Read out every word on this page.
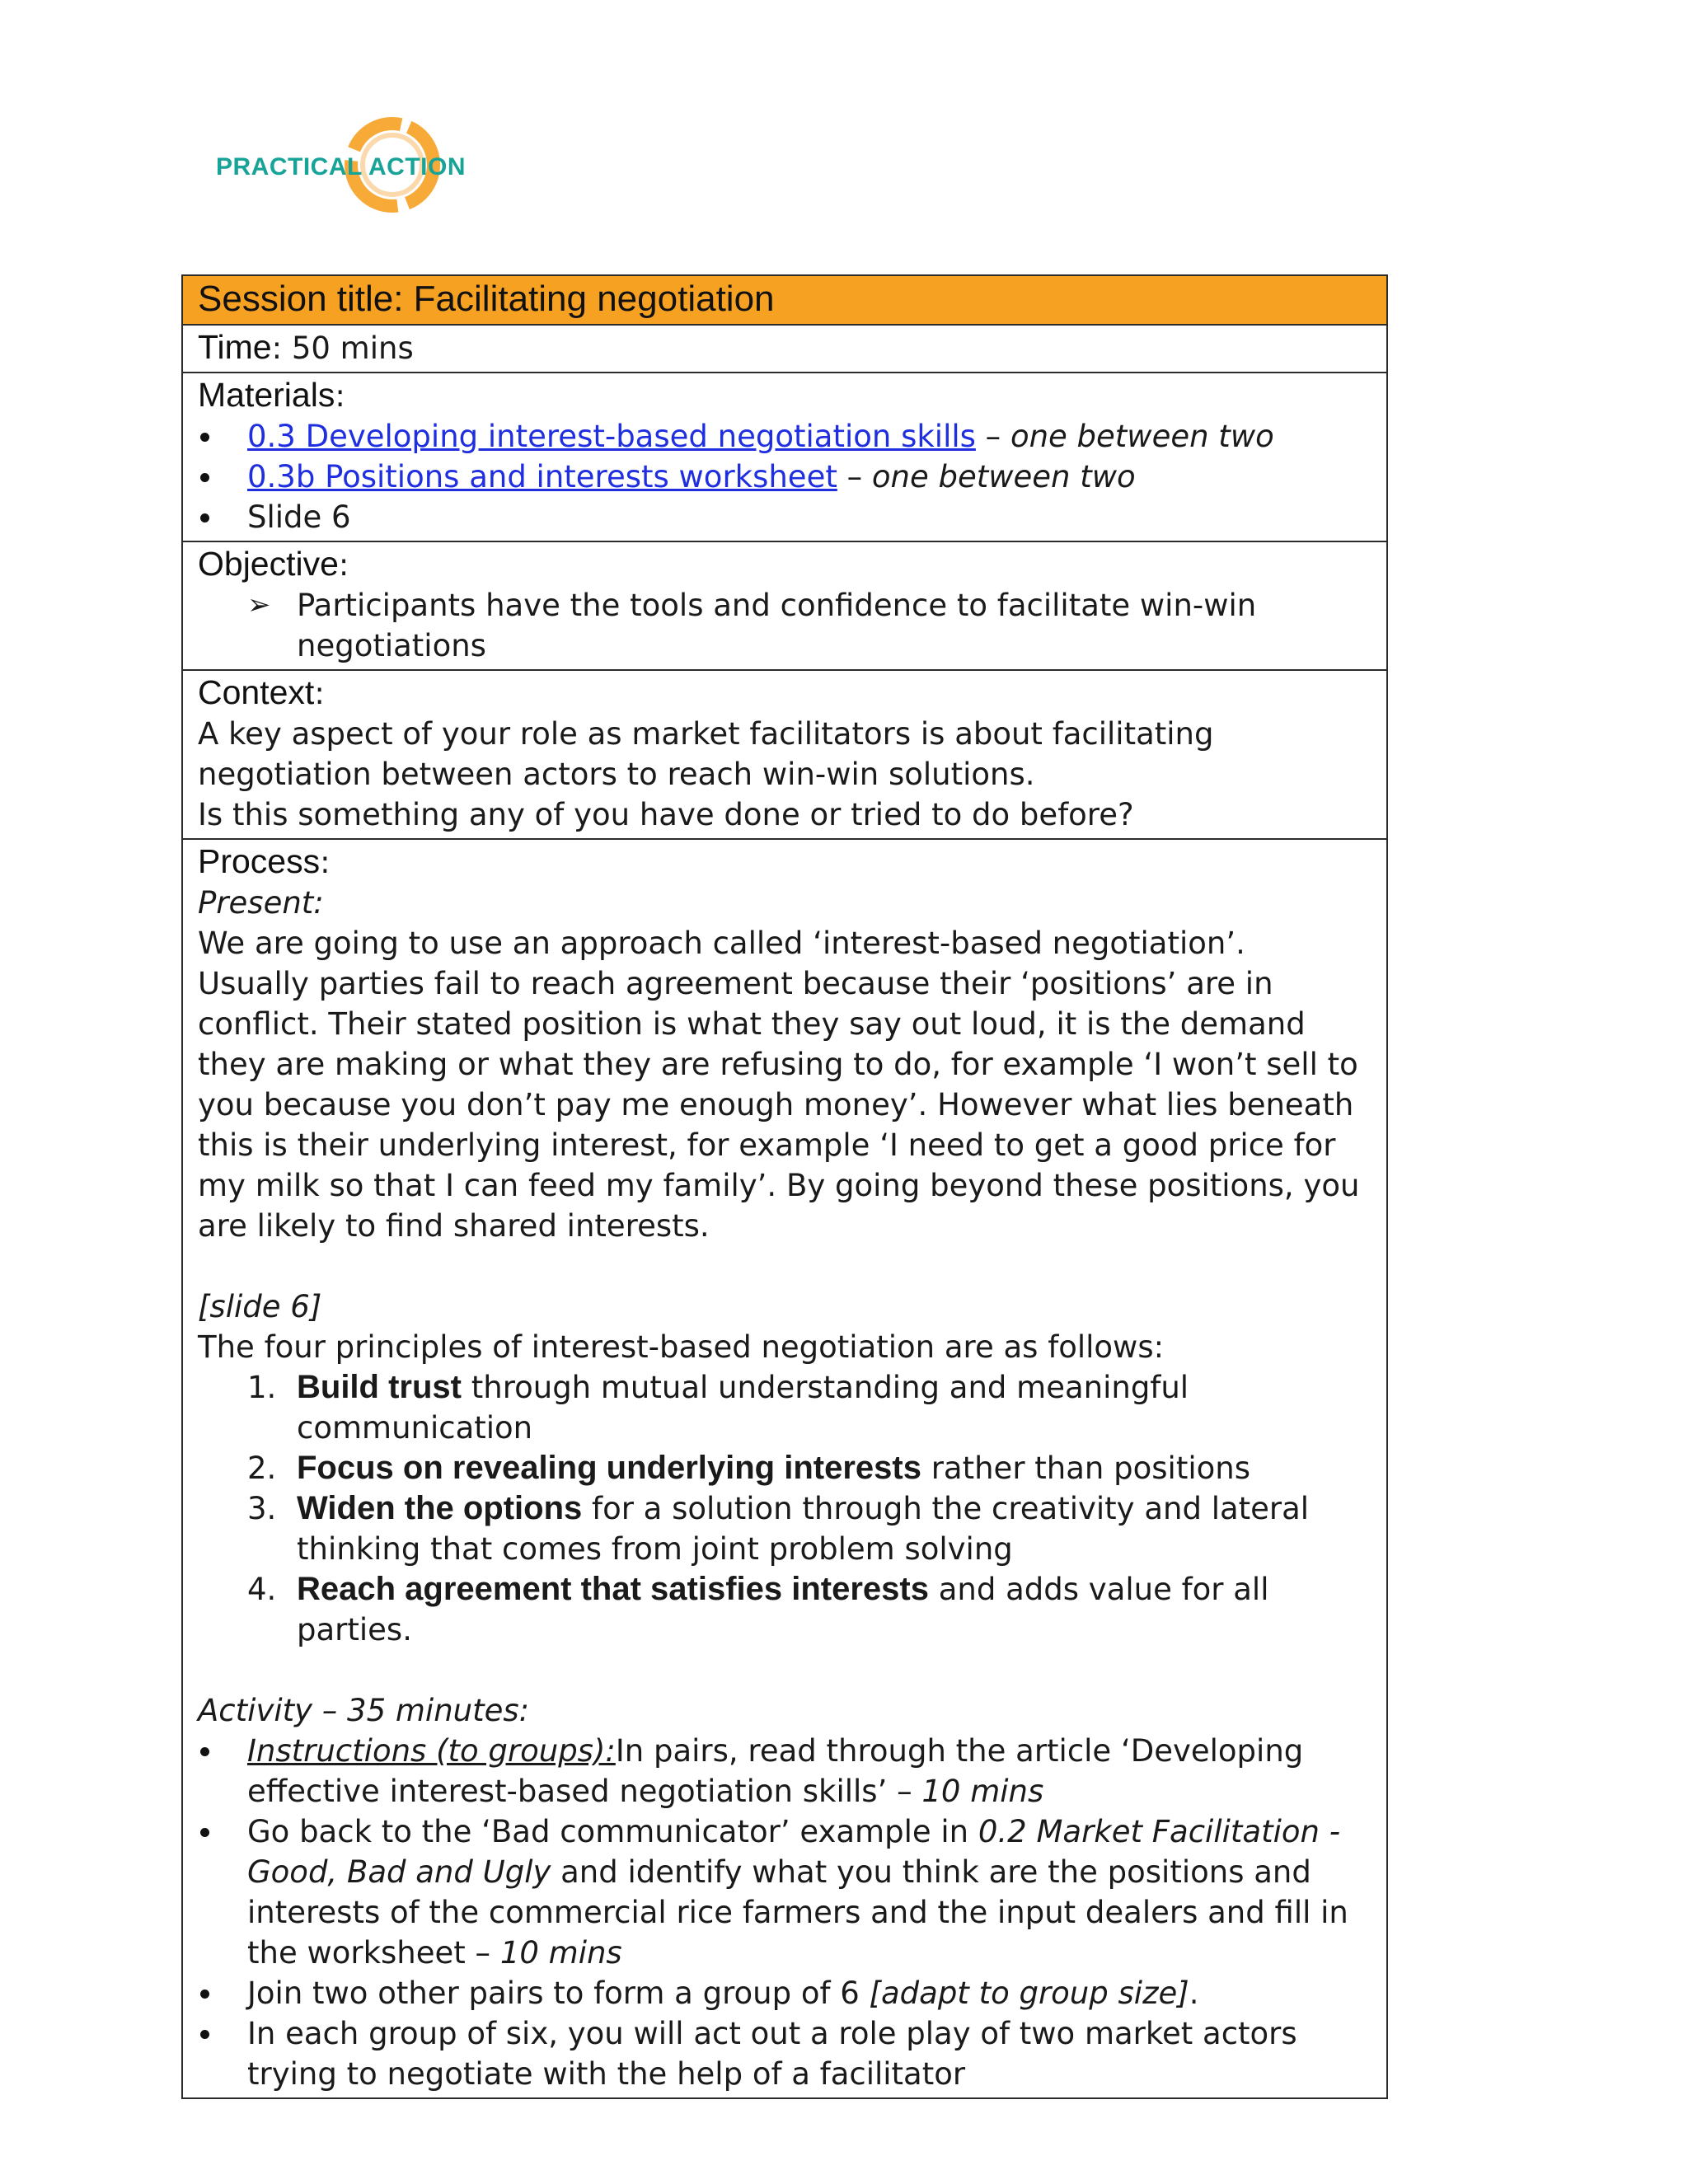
PRACTICAL ACTION
Session title: Facilitating negotiation
Time: 50 mins

Materials:
0.3 Developing interest-based negotiation skills – one between two
0.3b Positions and interests worksheet – one between two
Slide 6

Objective:
➢ Participants have the tools and confidence to facilitate win-win negotiations

Context:
A key aspect of your role as market facilitators is about facilitating negotiation between actors to reach win-win solutions.
Is this something any of you have done or tried to do before?

Process:
Present:
We are going to use an approach called ‘interest-based negotiation’.
Usually parties fail to reach agreement because their ‘positions’ are in conflict. Their stated position is what they say out loud, it is the demand they are making or what they are refusing to do, for example ‘I won’t sell to you because you don’t pay me enough money’. However what lies beneath this is their underlying interest, for example ‘I need to get a good price for my milk so that I can feed my family’. By going beyond these positions, you are likely to find shared interests.
[slide 6]
The four principles of interest-based negotiation are as follows:
1. Build trust through mutual understanding and meaningful communication
2. Focus on revealing underlying interests rather than positions
3. Widen the options for a solution through the creativity and lateral thinking that comes from joint problem solving
4. Reach agreement that satisfies interests and adds value for all parties.
Activity – 35 minutes:
Instructions (to groups):In pairs, read through the article ‘Developing effective interest-based negotiation skills’ – 10 mins
Go back to the ‘Bad communicator’ example in 0.2 Market Facilitation - Good, Bad and Ugly and identify what you think are the positions and interests of the commercial rice farmers and the input dealers and fill in the worksheet – 10 mins
Join two other pairs to form a group of 6 [adapt to group size].
In each group of six, you will act out a role play of two market actors trying to negotiate with the help of a facilitator
